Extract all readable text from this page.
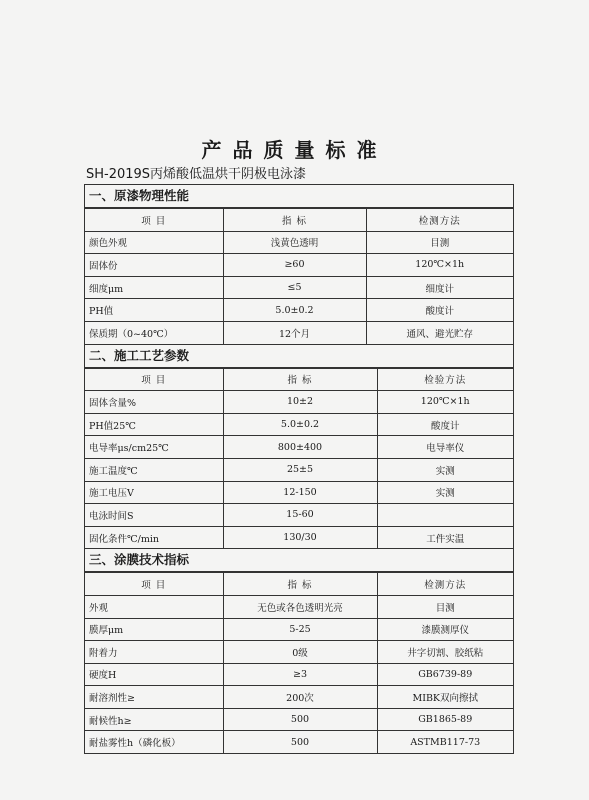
产品质量标准
SH-2019S丙烯酸低温烘干阴极电泳漆
一、原漆物理性能
项 目	指 标	检测方法
颜色外观	浅黄色透明	目测
固体份	≥60	120℃×1h
细度μm	≤5	细度计
PH值	5.0±0.2	酸度计
保质期（0~40℃）	12个月	通风、避光贮存
二、施工工艺参数
项 目	指 标	检验方法
固体含量%	10±2	120℃×1h
PH值25℃	5.0±0.2	酸度计
电导率μs/cm25℃	800±400	电导率仪
施工温度℃	25±5	实测
施工电压V	12-150	实测
电泳时间S	15-60	
固化条件℃/min	130/30	工件实温
三、涂膜技术指标
项 目	指 标	检测方法
外观	无色或各色透明光亮	目测
膜厚μm	5-25	漆膜测厚仪
附着力	0级	井字切割、胶纸粘
硬度H	≥3	GB6739-89
耐溶剂性≥	200次	MIBK双向擦拭
耐候性h≥	500	GB1865-89
耐盐雾性h（磷化板）	500	ASTMB117-73
